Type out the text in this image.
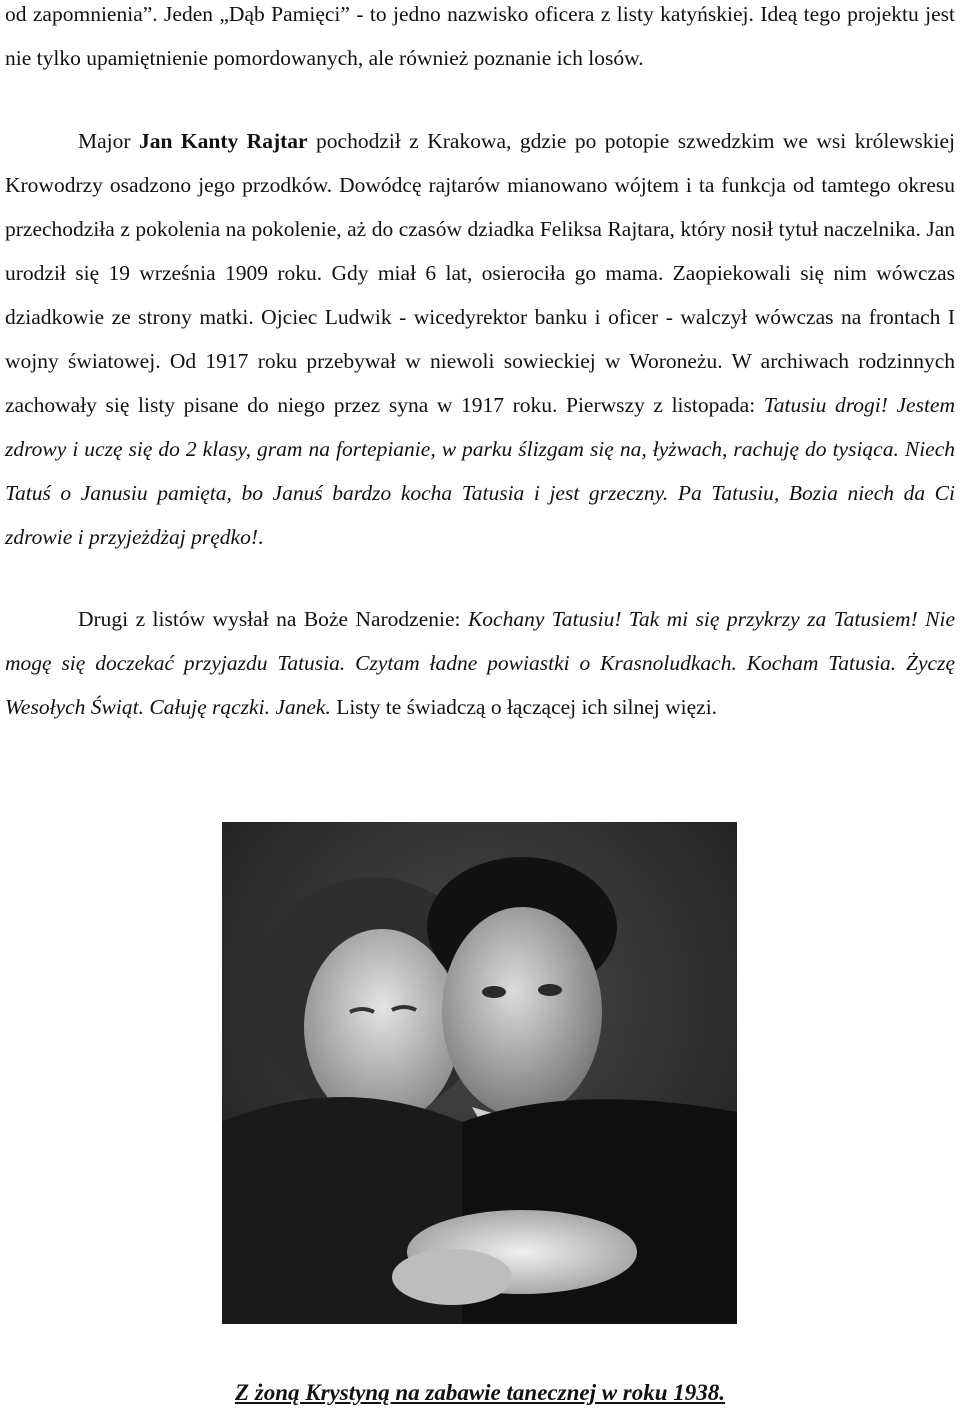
od zapomnienia”. Jeden „Dąb Pamięci” - to jedno nazwisko oficera z listy katyńskiej. Ideą tego projektu jest nie tylko upamiętnienie pomordowanych, ale również poznanie ich losów.

Major Jan Kanty Rajtar pochodził z Krakowa, gdzie po potopie szwedzkim we wsi królewskiej Krowodrzy osadzono jego przodków. Dowódcę rajtarów mianowano wójtem i ta funkcja od tamtego okresu przechodziła z pokolenia na pokolenie, aż do czasów dziadka Feliksa Rajtara, który nosił tytuł naczelnika. Jan urodził się 19 września 1909 roku. Gdy miał 6 lat, osierociła go mama. Zaopiekowali się nim wówczas dziadkowie ze strony matki. Ojciec Ludwik - wicedyrektor banku i oficer - walczył wówczas na frontach I wojny światowej. Od 1917 roku przebywał w niewoli sowieckiej w Woroneżu. W archiwach rodzinnych zachowały się listy pisane do niego przez syna w 1917 roku. Pierwszy z listopada: Tatusiu drogi! Jestem zdrowy i uczę się do 2 klasy, gram na fortepianie, w parku ślizgam się na, łyżwach, rachuję do tysiąca. Niech Tatuś o Janusiu pamięta, bo Januś bardzo kocha Tatusia i jest grzeczny. Pa Tatusiu, Bozia niech da Ci zdrowie i przyjeżdżaj prędko!.

Drugi z listów wysłał na Boże Narodzenie: Kochany Tatusiu! Tak mi się przykrzy za Tatusiem! Nie mogę się doczekać przyjazdu Tatusia. Czytam ładne powiastki o Krasnoludkach. Kocham Tatusia. Życzę Wesołych Świąt. Całuję rączki. Janek. Listy te świadczą o łączącej ich silnej więzi.

Z żoną Krystyną na zabawie tanecznej w roku 1938.
